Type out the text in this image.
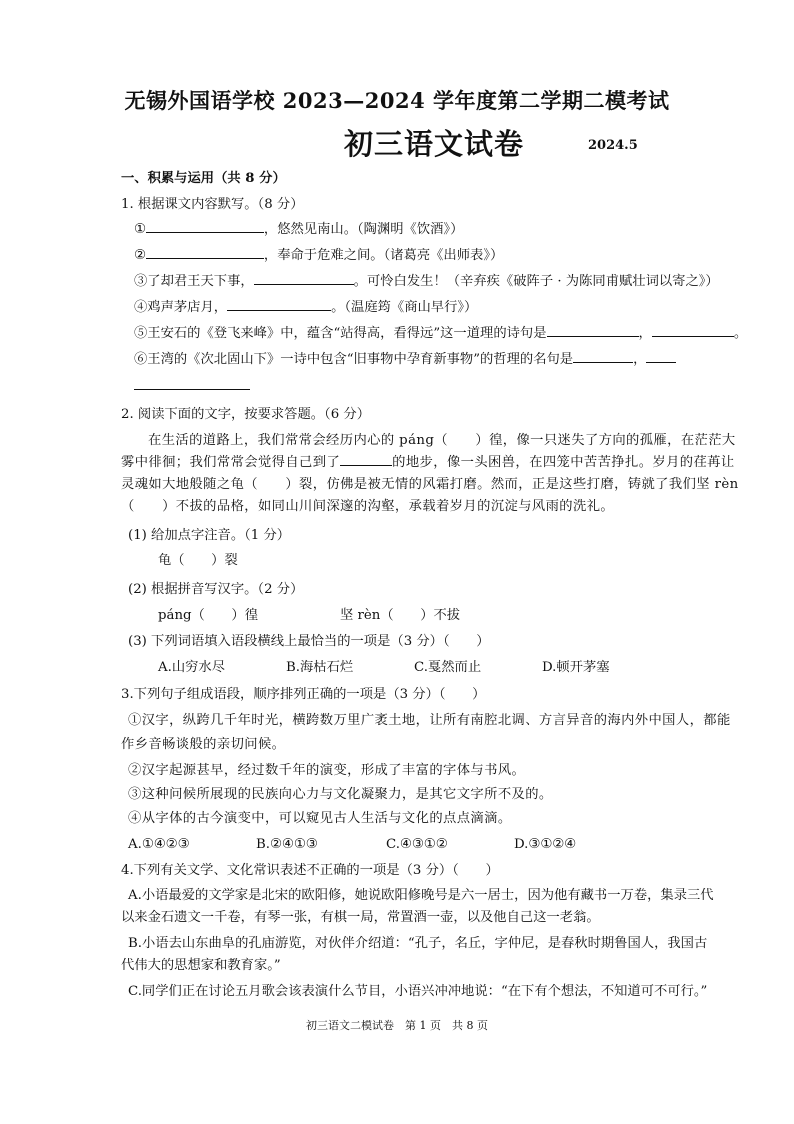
无锡外国语学校 2023—2024 学年度第二学期二模考试
初三语文试卷	2024.5
一、积累与运用（共 8 分）
1. 根据课文内容默写。（8 分）
①	，悠然见南山。（陶渊明《饮酒》）
②	，奉命于危难之间。（诸葛亮《出师表》）
③了却君王天下事，	。可怜白发生！（辛弃疾《破阵子 · 为陈同甫赋壮词以寄之》）
④鸡声茅店月，	。（温庭筠《商山早行》）
⑤王安石的《登飞来峰》中，蕴含“站得高，看得远”这一道理的诗句是	，	。
⑥王湾的《次北固山下》一诗中包含“旧事物中孕育新事物”的哲理的名句是	，
2. 阅读下面的文字，按要求答题。（6 分）
在生活的道路上，我们常常会经历内心的 páng（　　）徨，像一只迷失了方向的孤雁，在茫茫大
雾中徘徊；我们常常会觉得自己到了	的地步，像一头困兽，在四笼中苦苦挣扎。岁月的荏苒让
灵魂如大地般随之龟（　　）裂，仿佛是被无情的风霜打磨。然而，正是这些打磨，铸就了我们坚 rèn
（　　）不拔的品格，如同山川间深邃的沟壑，承载着岁月的沉淀与风雨的洗礼。
(1) 给加点字注音。（1 分）
龟（　　）裂
(2) 根据拼音写汉字。（2 分）
páng（　　）徨	坚 rèn（　　）不拔
(3) 下列词语填入语段横线上最恰当的一项是（3 分）（　　）
A.山穷水尽	B.海枯石烂	C.戛然而止	D.顿开茅塞
3.下列句子组成语段，顺序排列正确的一项是（3 分）（　　）
①汉字，纵跨几千年时光，横跨数万里广袤土地，让所有南腔北调、方言异音的海内外中国人，都能
作乡音畅谈般的亲切问候。
②汉字起源甚早，经过数千年的演变，形成了丰富的字体与书风。
③这种问候所展现的民族向心力与文化凝聚力，是其它文字所不及的。
④从字体的古今演变中，可以窥见古人生活与文化的点点滴滴。
A.①④②③	B.②④①③	C.④③①②	D.③①②④
4.下列有关文学、文化常识表述不正确的一项是（3 分）（　　）
A.小语最爱的文学家是北宋的欧阳修，她说欧阳修晚号是六一居士，因为他有藏书一万卷，集录三代
以来金石遗文一千卷，有琴一张，有棋一局，常置酒一壶，以及他自己这一老翁。
B.小语去山东曲阜的孔庙游览，对伙伴介绍道：“孔子，名丘，字仲尼，是春秋时期鲁国人，我国古
代伟大的思想家和教育家。”
C.同学们正在讨论五月歌会该表演什么节目，小语兴冲冲地说：“在下有个想法，不知道可不可行。”
初三语文二模试卷　第 1 页　共 8 页
